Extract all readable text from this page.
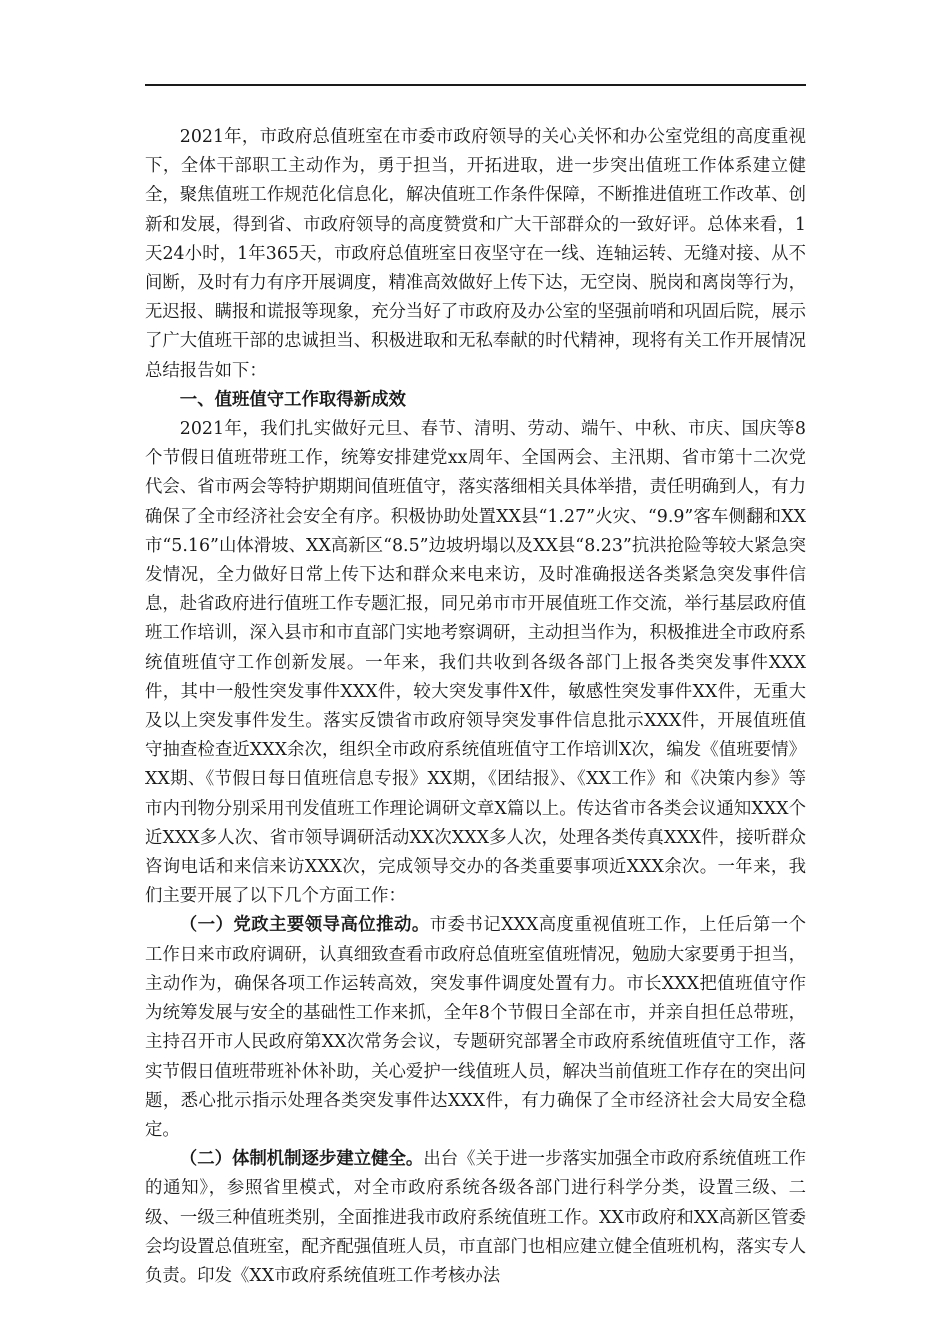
2021年，市政府总值班室在市委市政府领导的关心关怀和办公室党组的高度重视下，全体干部职工主动作为，勇于担当，开拓进取，进一步突出值班工作体系建立健全，聚焦值班工作规范化信息化，解决值班工作条件保障，不断推进值班工作改革、创新和发展，得到省、市政府领导的高度赞赏和广大干部群众的一致好评。总体来看，1天24小时，1年365天，市政府总值班室日夜坚守在一线、连轴运转、无缝对接、从不间断，及时有力有序开展调度，精准高效做好上传下达，无空岗、脱岗和离岗等行为，无迟报、瞒报和谎报等现象，充分当好了市政府及办公室的坚强前哨和巩固后院，展示了广大值班干部的忠诚担当、积极进取和无私奉献的时代精神，现将有关工作开展情况总结报告如下：

一、值班值守工作取得新成效

2021年，我们扎实做好元旦、春节、清明、劳动、端午、中秋、市庆、国庆等8个节假日值班带班工作，统筹安排建党xx周年、全国两会、主汛期、省市第十二次党代会、省市两会等特护期期间值班值守，落实落细相关具体举措，责任明确到人，有力确保了全市经济社会安全有序。积极协助处置XX县“1.27”火灾、“9.9”客车侧翻和XX市“5.16”山体滑坡、XX高新区“8.5”边坡坍塌以及XX县“8.23”抗洪抢险等较大紧急突发情况，全力做好日常上传下达和群众来电来访，及时准确报送各类紧急突发事件信息，赴省政府进行值班工作专题汇报，同兄弟市市开展值班工作交流，举行基层政府值班工作培训，深入县市和市直部门实地考察调研，主动担当作为，积极推进全市政府系统值班值守工作创新发展。一年来，我们共收到各级各部门上报各类突发事件XXX件，其中一般性突发事件XXX件，较大突发事件X件，敏感性突发事件XX件，无重大及以上突发事件发生。落实反馈省市政府领导突发事件信息批示XXX件，开展值班值守抽查检查近XXX余次，组织全市政府系统值班值守工作培训X次，编发《值班要情》XX期、《节假日每日值班信息专报》XX期，《团结报》、《XX工作》和《决策内参》等市内刊物分别采用刊发值班工作理论调研文章X篇以上。传达省市各类会议通知XXX个近XXX多人次、省市领导调研活动XX次XXX多人次，处理各类传真XXX件，接听群众咨询电话和来信来访XXX次，完成领导交办的各类重要事项近XXX余次。一年来，我们主要开展了以下几个方面工作：

（一）党政主要领导高位推动。市委书记XXX高度重视值班工作，上任后第一个工作日来市政府调研，认真细致查看市政府总值班室值班情况，勉励大家要勇于担当，主动作为，确保各项工作运转高效，突发事件调度处置有力。市长XXX把值班值守作为统筹发展与安全的基础性工作来抓，全年8个节假日全部在市，并亲自担任总带班，主持召开市人民政府第XX次常务会议，专题研究部署全市政府系统值班值守工作，落实节假日值班带班补休补助，关心爱护一线值班人员，解决当前值班工作存在的突出问题，悉心批示指示处理各类突发事件达XXX件，有力确保了全市经济社会大局安全稳定。

（二）体制机制逐步建立健全。出台《关于进一步落实加强全市政府系统值班工作的通知》，参照省里模式，对全市政府系统各级各部门进行科学分类，设置三级、二级、一级三种值班类别，全面推进我市政府系统值班工作。XX市政府和XX高新区管委会均设置总值班室，配齐配强值班人员，市直部门也相应建立健全值班机构，落实专人负责。印发《XX市政府系统值班工作考核办法
